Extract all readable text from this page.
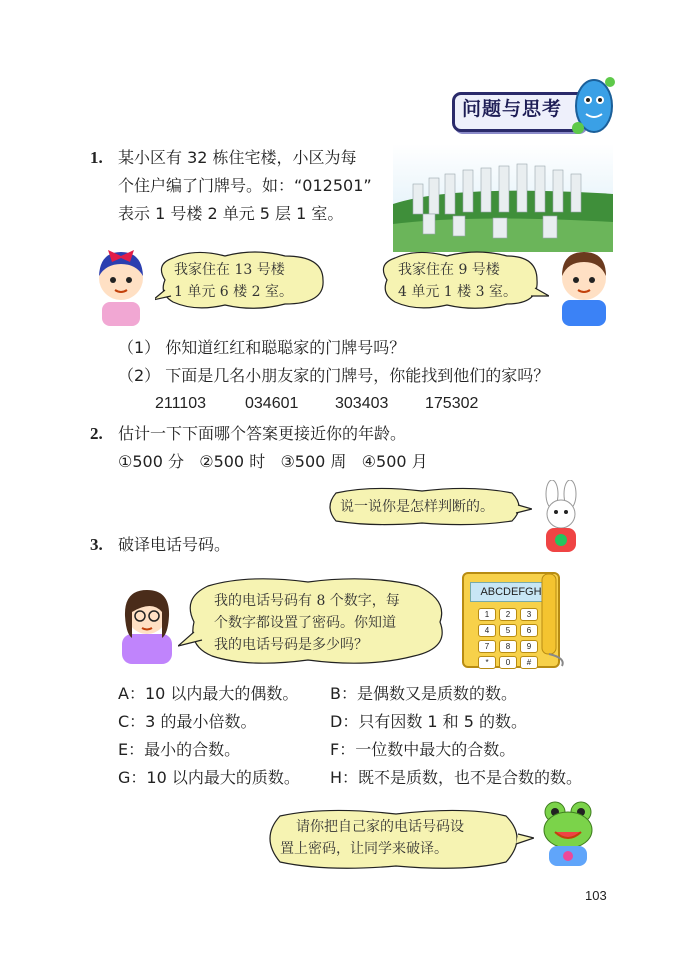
问题与思考
1. 某小区有 32 栋住宅楼，小区为每
个住户编了门牌号。如：“012501”
表示 1 号楼 2 单元 5 层 1 室。
我家住在 13 号楼
1 单元 6 楼 2 室。
我家住在 9 号楼
4 单元 1 楼 3 室。
（1） 你知道红红和聪聪家的门牌号吗？
（2） 下面是几名小朋友家的门牌号，你能找到他们的家吗？
211103 034601 303403 175302
2. 估计一下下面哪个答案更接近你的年龄。
①500 分   ②500 时   ③500 周   ④500 月
说一说你是怎样判断的。
3. 破译电话号码。
我的电话号码有 8 个数字，每
个数字都设置了密码。你知道
我的电话号码是多少吗？
ABCDEFGH
1	2	3
4	5	6
7	8	9
*	0	#
A：10 以内最大的偶数。 B：是偶数又是质数的数。
C：3 的最小倍数。	D：只有因数 1 和 5 的数。
E：最小的合数。	F：一位数中最大的合数。
G：10 以内最大的质数。 H：既不是质数，也不是合数的数。
请你把自己家的电话号码设
置上密码，让同学来破译。
103
